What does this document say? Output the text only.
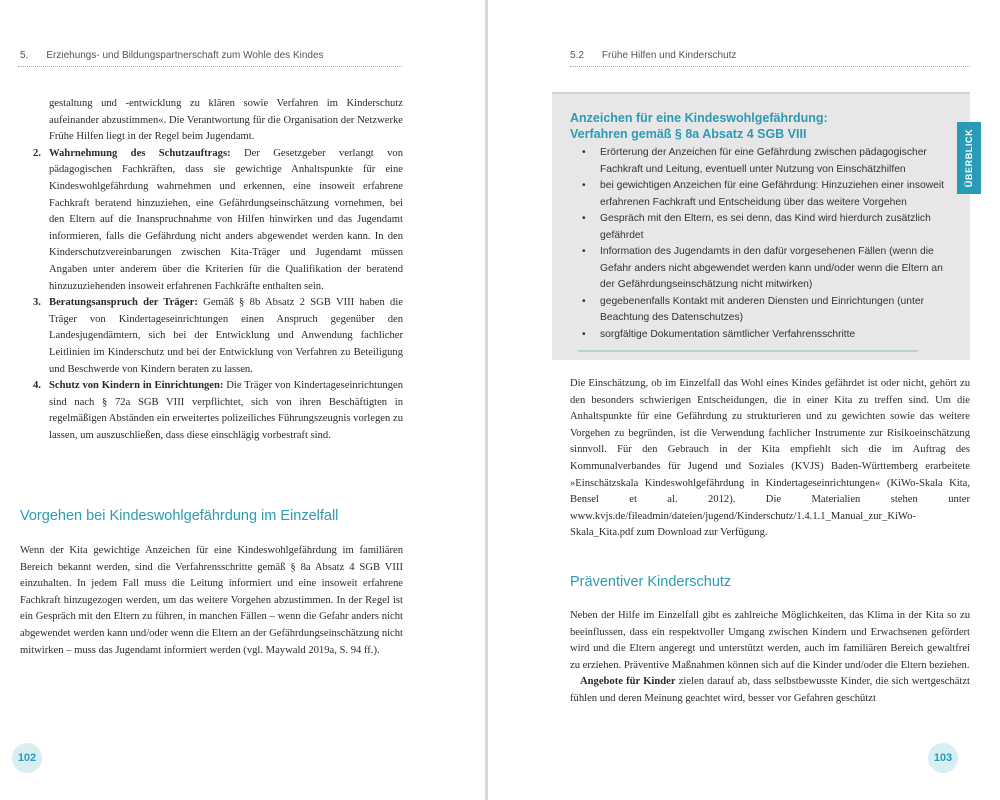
5. Erziehungs- und Bildungspartnerschaft zum Wohle des Kindes

gestaltung und -entwicklung zu klären sowie Verfahren im Kinderschutz aufeinander abzustimmen«. Die Verantwortung für die Organisation der Netzwerke Frühe Hilfen liegt in der Regel beim Jugendamt.

2. Wahrnehmung des Schutzauftrags: Der Gesetzgeber verlangt von pädagogischen Fachkräften, dass sie gewichtige Anhaltspunkte für eine Kindeswohlgefährdung wahrnehmen und erkennen, eine insoweit erfahrene Fachkraft beratend hinzuziehen, eine Gefährdungseinschätzung vornehmen, bei den Eltern auf die Inanspruchnahme von Hilfen hinwirken und das Jugendamt informieren, falls die Gefährdung nicht anders abgewendet werden kann. In den Kinderschutzvereinbarungen zwischen Kita-Träger und Jugendamt müssen Angaben unter anderem über die Kriterien für die Qualifikation der beratend hinzuzuziehenden insoweit erfahrenen Fachkräfte enthalten sein.

3. Beratungsanspruch der Träger: Gemäß § 8b Absatz 2 SGB VIII haben die Träger von Kindertageseinrichtungen einen Anspruch gegenüber den Landesjugendämtern, sich bei der Entwicklung und Anwendung fachlicher Leitlinien im Kinderschutz und bei der Entwicklung von Verfahren zu Beteiligung und Beschwerde von Kindern beraten zu lassen.

4. Schutz von Kindern in Einrichtungen: Die Träger von Kindertageseinrichtungen sind nach § 72a SGB VIII verpflichtet, sich von ihren Beschäftigten in regelmäßigen Abständen ein erweitertes polizeiliches Führungszeugnis vorlegen zu lassen, um auszuschließen, dass diese einschlägig vorbestraft sind.

Vorgehen bei Kindeswohlgefährdung im Einzelfall

Wenn der Kita gewichtige Anzeichen für eine Kindeswohlgefährdung im familiären Bereich bekannt werden, sind die Verfahrensschritte gemäß § 8a Absatz 4 SGB VIII einzuhalten. In jedem Fall muss die Leitung informiert und eine insoweit erfahrene Fachkraft hinzugezogen werden, um das weitere Vorgehen abzustimmen. In der Regel ist ein Gespräch mit den Eltern zu führen, in manchen Fällen – wenn die Gefahr anders nicht abgewendet werden kann und/oder wenn die Eltern an der Gefährdungseinschätzung nicht mitwirken – muss das Jugendamt informiert werden (vgl. Maywald 2019a, S. 94 ff.).

102
5.2 Frühe Hilfen und Kinderschutz
Anzeichen für eine Kindeswohlgefährdung:
Verfahren gemäß § 8a Absatz 4 SGB VIII
• Erörterung der Anzeichen für eine Gefährdung zwischen pädagogischer Fachkraft und Leitung, eventuell unter Nutzung von Einschätzhilfen
• bei gewichtigen Anzeichen für eine Gefährdung: Hinzuziehen einer insoweit erfahrenen Fachkraft und Entscheidung über das weitere Vorgehen
• Gespräch mit den Eltern, es sei denn, das Kind wird hierdurch zusätzlich gefährdet
• Information des Jugendamts in den dafür vorgesehenen Fällen (wenn die Gefahr anders nicht abgewendet werden kann und/oder wenn die Eltern an der Gefährdungseinschätzung nicht mitwirken)
• gegebenenfalls Kontakt mit anderen Diensten und Einrichtungen (unter Beachtung des Datenschutzes)
• sorgfältige Dokumentation sämtlicher Verfahrensschritte

Die Einschätzung, ob im Einzelfall das Wohl eines Kindes gefährdet ist oder nicht, gehört zu den besonders schwierigen Entscheidungen, die in einer Kita zu treffen sind. Um die Anhaltspunkte für eine Gefährdung zu strukturieren und zu gewichten sowie das weitere Vorgehen zu begründen, ist die Verwendung fachlicher Instrumente zur Risikoeinschätzung sinnvoll. Für den Gebrauch in der Kita empfiehlt sich die im Auftrag des Kommunalverbandes für Jugend und Soziales (KVJS) Baden-Württemberg erarbeitete »Einschätzskala Kindeswohlgefährdung in Kindertageseinrichtungen« (KiWo-Skala Kita, Bensel et al. 2012). Die Materialien stehen unter www.kvjs.de/fileadmin/dateien/jugend/Kinderschutz/1.4.1.1_Manual_zur_KiWo-Skala_Kita.pdf zum Download zur Verfügung.

Präventiver Kinderschutz

Neben der Hilfe im Einzelfall gibt es zahlreiche Möglichkeiten, das Klima in der Kita so zu beeinflussen, dass ein respektvoller Umgang zwischen Kindern und Erwachsenen gefördert wird und die Eltern angeregt und unterstützt werden, auch im familiären Bereich gewaltfrei zu erziehen. Präventive Maßnahmen können sich auf die Kinder und/oder die Eltern beziehen.

Angebote für Kinder zielen darauf ab, dass selbstbewusste Kinder, die sich wertgeschätzt fühlen und deren Meinung geachtet wird, besser vor Gefahren geschützt

103
ÜBERBLICK
